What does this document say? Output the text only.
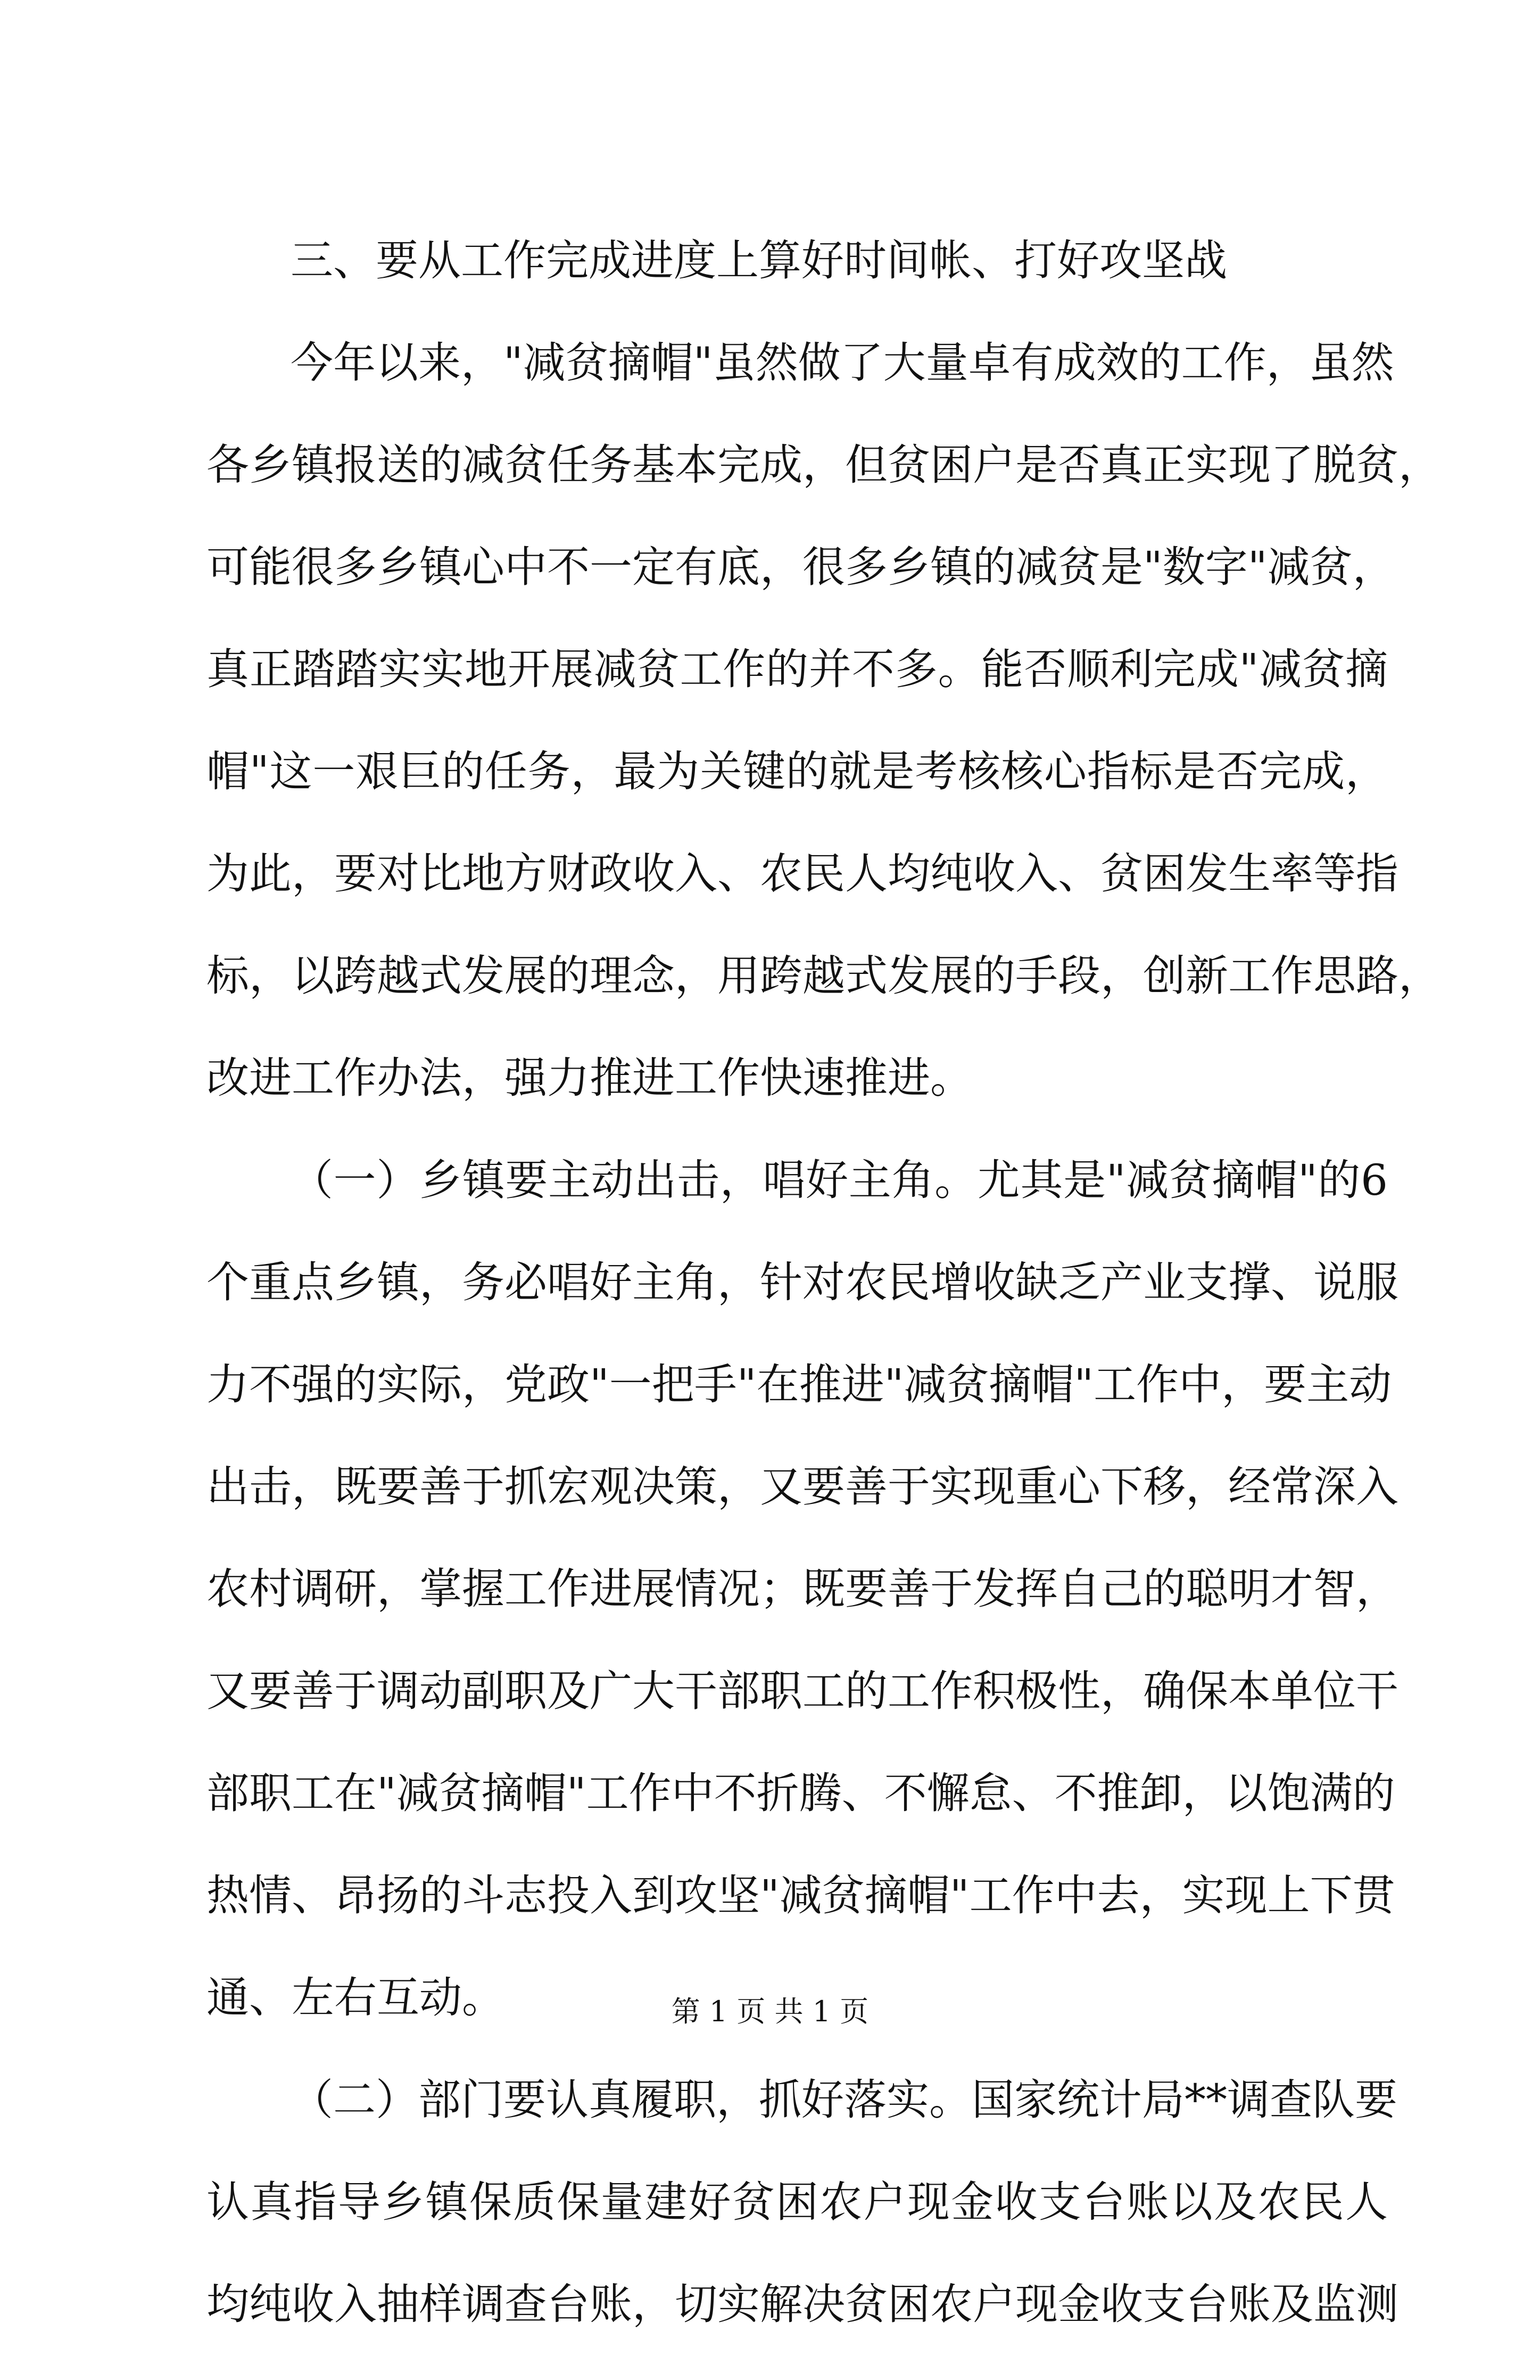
三、要从工作完成进度上算好时间帐、打好攻坚战
今年以来，"减贫摘帽"虽然做了大量卓有成效的工作，虽然
各乡镇报送的减贫任务基本完成，但贫困户是否真正实现了脱贫，
可能很多乡镇心中不一定有底，很多乡镇的减贫是"数字"减贫，
真正踏踏实实地开展减贫工作的并不多。能否顺利完成"减贫摘
帽"这一艰巨的任务，最为关键的就是考核核心指标是否完成，
为此，要对比地方财政收入、农民人均纯收入、贫困发生率等指
标，以跨越式发展的理念，用跨越式发展的手段，创新工作思路，
改进工作办法，强力推进工作快速推进。
（一）乡镇要主动出击，唱好主角。尤其是"减贫摘帽"的6
个重点乡镇，务必唱好主角，针对农民增收缺乏产业支撑、说服
力不强的实际，党政"一把手"在推进"减贫摘帽"工作中，要主动
出击，既要善于抓宏观决策，又要善于实现重心下移，经常深入
农村调研，掌握工作进展情况；既要善于发挥自己的聪明才智，
又要善于调动副职及广大干部职工的工作积极性，确保本单位干
部职工在"减贫摘帽"工作中不折腾、不懈怠、不推卸，以饱满的
热情、昂扬的斗志投入到攻坚"减贫摘帽"工作中去，实现上下贯
通、左右互动。
（二）部门要认真履职，抓好落实。国家统计局**调查队要
认真指导乡镇保质保量建好贫困农户现金收支台账以及农民人
均纯收入抽样调查台账，切实解决贫困农户现金收支台账及监测
第 1 页 共 1 页
